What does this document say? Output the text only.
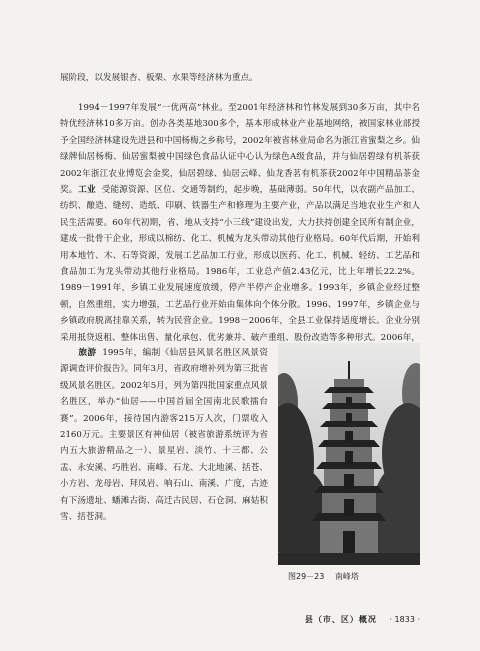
展阶段，以发展银杏、板栗、水果等经济林为重点。

1994－1997年发展“一优两高”林业。至2001年经济林和竹林发展到30多万亩，其中名特优经济林10多万亩。创办各类基地300多个，基本形成林业产业基地网络，被国家林业部授予全国经济林建设先进县和中国杨梅之乡称号，2002年被省林业局命名为浙江省蜜梨之乡。仙绿牌仙居杨梅、仙居蜜梨被中国绿色食品认证中心认为绿色A级食品，并与仙居碧绿有机茶获2002年浙江农业博览会金奖，仙居碧绿、仙居云峰、仙龙香茗有机茶获2002年中国精品茶金奖。 工业 受能源资源、区位、交通等制约，起步晚，基础薄弱。50年代，以农副产品加工、纺织、酿造、缝纫、造纸、印刷、铁器生产和修理为主要产业，产品以满足当地农业生产和人民生活需要。60年代初期，省、地从支持“小三线”建设出发，大力扶持创建全民所有制企业，建成一批骨干企业，形成以棉纺、化工、机械为龙头带动其他行业格局。60年代后期，开始利用本地竹、木、石等资源，发展工艺品加工行业，形成以医药、化工、机械、轻纺、工艺品和食品加工为龙头带动其他行业格局。1986年，工业总产值2.43亿元，比上年增长22.2%。1989－1991年，乡镇工业发展速度放缓，停产半停产企业增多。1993年，乡镇企业经过整顿，自然重组，实力增强，工艺品行业开始由集体向个体分散。1996、1997年，乡镇企业与乡镇政府脱离挂靠关系，转为民营企业。1998－2006年，全县工业保持适度增长。企业分别采用抵贷返租、整体出售、量化承包、优劣兼并、破产重组、股份改造等多种形式。2006年，

旅游 1995年，编制《仙居县风景名胜区风景资源调查评价报告》。同年3月，省政府增补列为第三批省级风景名胜区。2002年5月，列为第四批国家重点风景名胜区，举办“仙居——中国首届全国南北民歌擂台赛”。2006年，接待国内游客215万人次，门票收入2160万元。主要景区有神仙居（被省旅游系统评为省内五大旅游精品之一）、景星岩、淡竹、十三都、公盂、永安溪、巧胜岩、南峰、石龙、大北地溪、括苍、小方岩、龙母岩、拜凤岩、响石山、南溪、广度，古迹有下汤遗址、蟠滩古街、高迁古民居、石仓洞、麻姑积雪、括苍洞。

图29－23 南峰塔
县（市、区）概况 · 1833 ·
